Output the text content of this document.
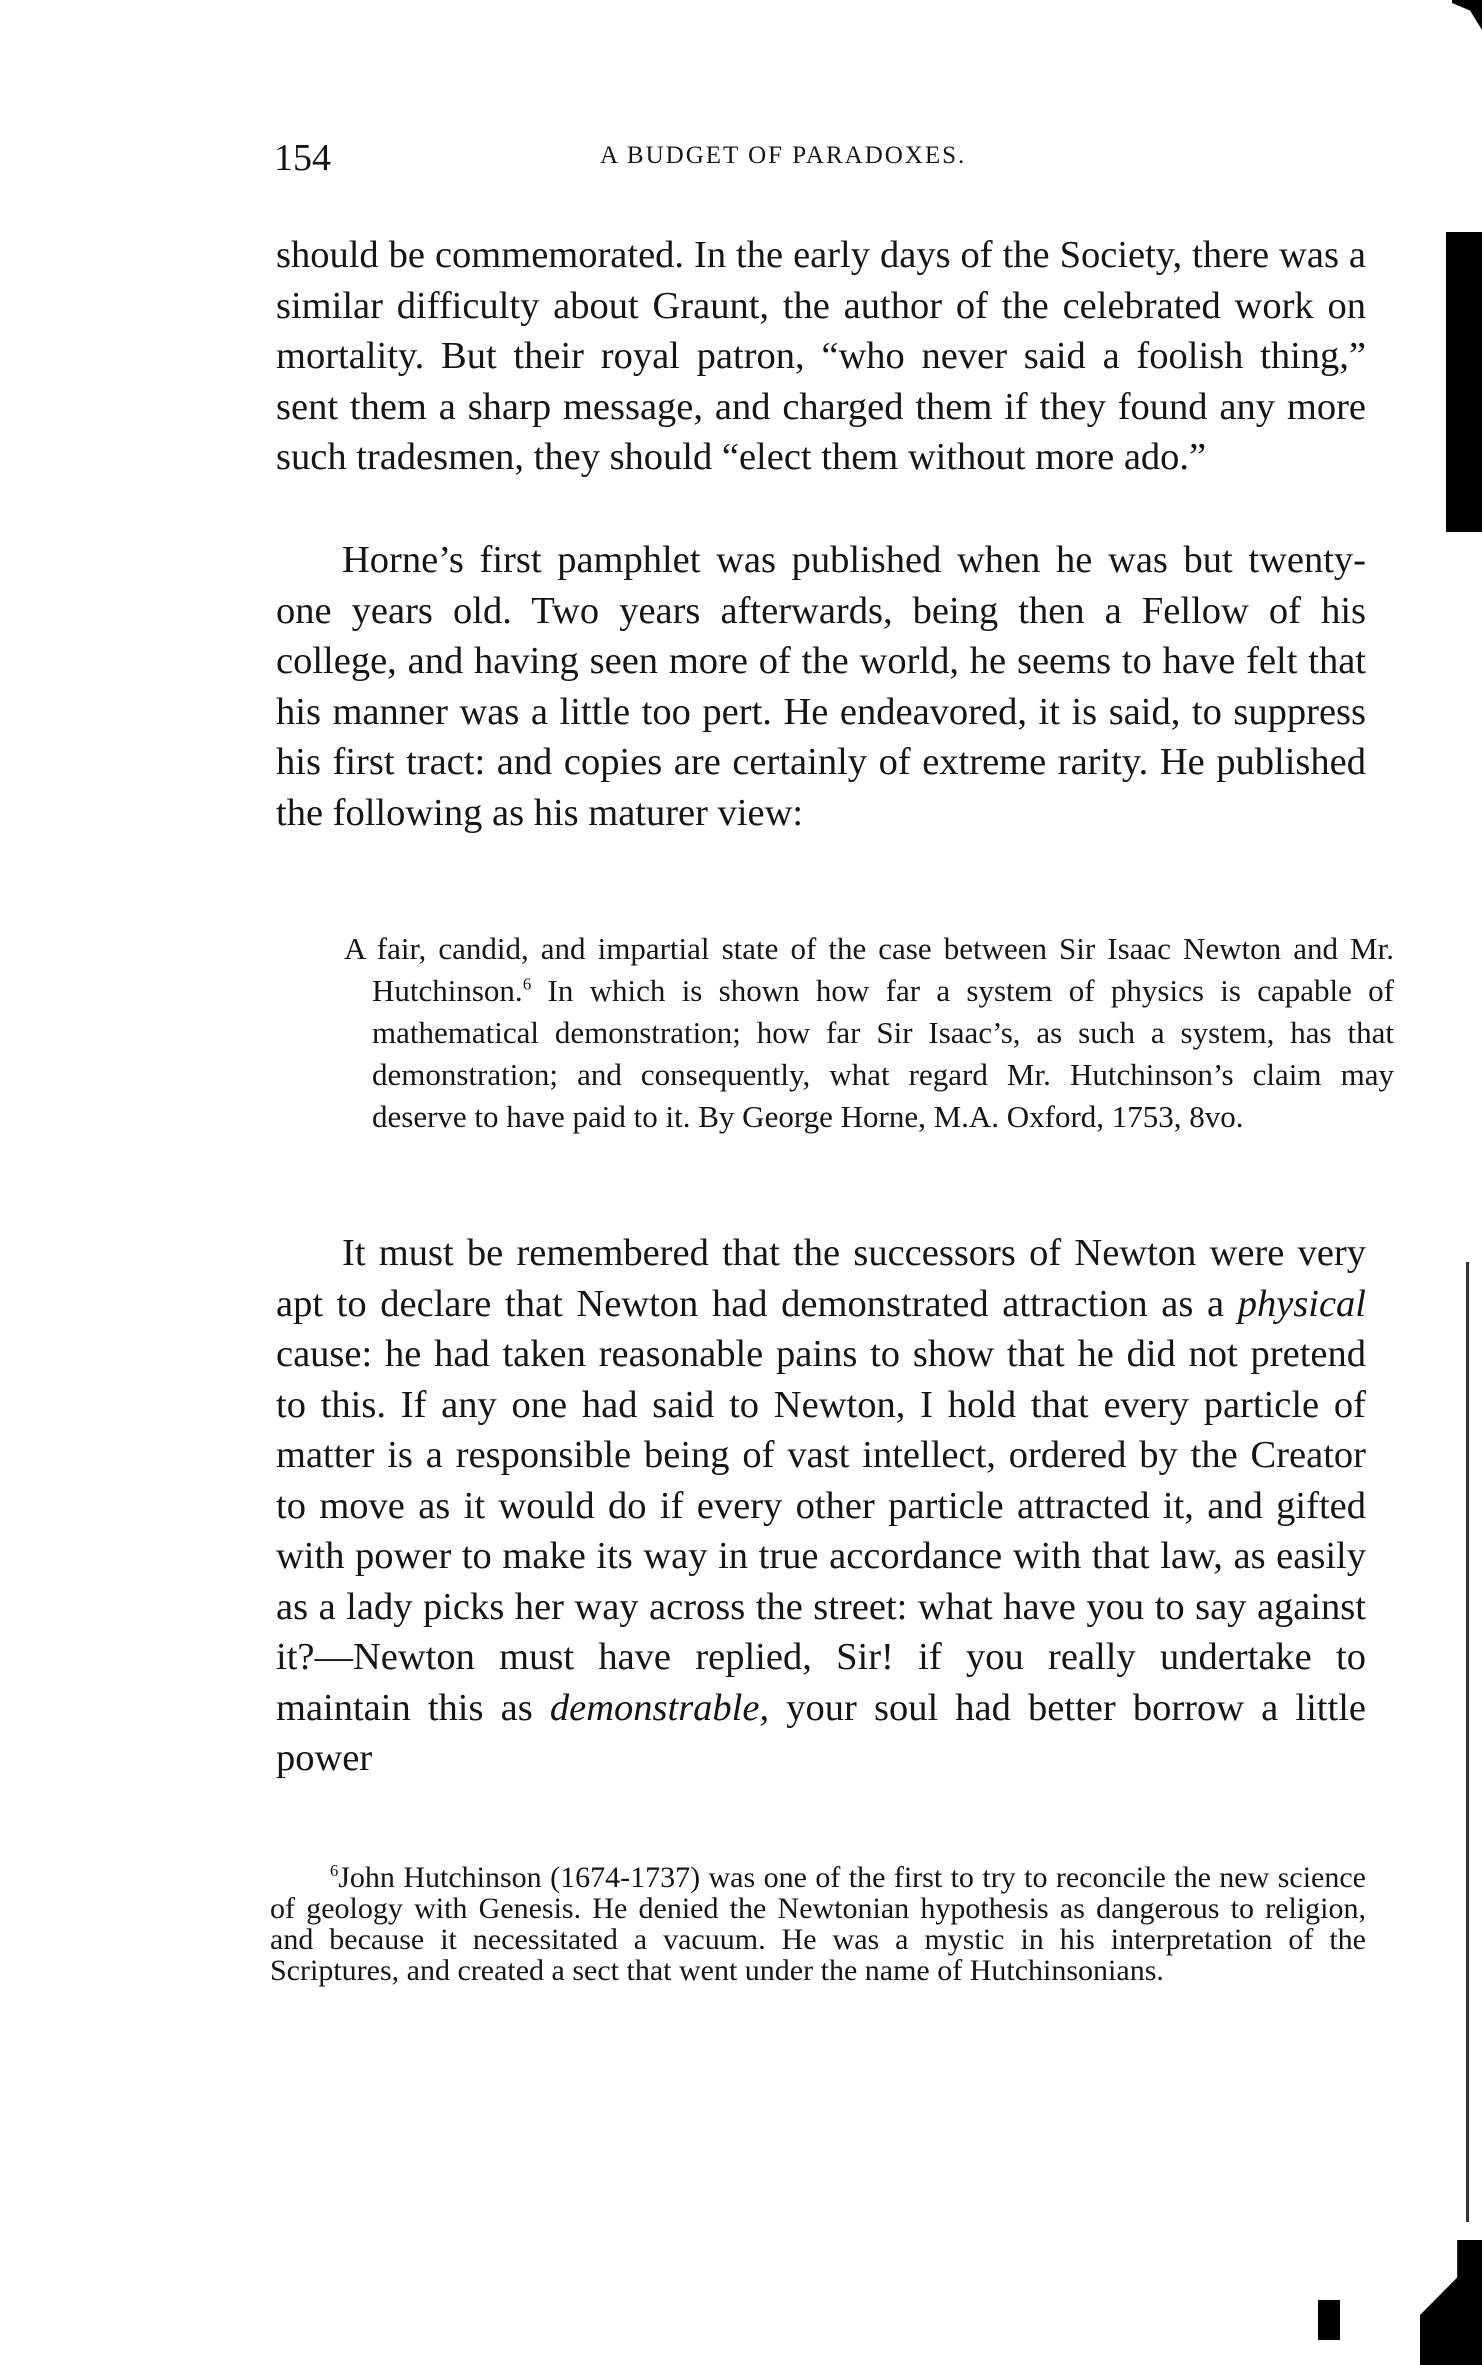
154	A BUDGET OF PARADOXES.

should be commemorated. In the early days of the Society, there was a similar difficulty about Graunt, the author of the celebrated work on mortality. But their royal patron, “who never said a foolish thing,” sent them a sharp message, and charged them if they found any more such tradesmen, they should “elect them without more ado.”

Horne’s first pamphlet was published when he was but twenty-one years old. Two years afterwards, being then a Fellow of his college, and having seen more of the world, he seems to have felt that his manner was a little too pert. He endeavored, it is said, to suppress his first tract: and copies are certainly of extreme rarity. He published the following as his maturer view:

A fair, candid, and impartial state of the case between Sir Isaac Newton and Mr. Hutchinson.$^6$ In which is shown how far a system of physics is capable of mathematical demonstration; how far Sir Isaac’s, as such a system, has that demonstration; and consequently, what regard Mr. Hutchinson’s claim may deserve to have paid to it. By George Horne, M.A. Oxford, 1753, 8vo.

It must be remembered that the successors of Newton were very apt to declare that Newton had demonstrated attraction as a physical cause: he had taken reasonable pains to show that he did not pretend to this. If any one had said to Newton, I hold that every particle of matter is a responsible being of vast intellect, ordered by the Creator to move as it would do if every other particle attracted it, and gifted with power to make its way in true accordance with that law, as easily as a lady picks her way across the street: what have you to say against it?—Newton must have replied, Sir! if you really undertake to maintain this as demonstrable, your soul had better borrow a little power

$^6$John Hutchinson (1674-1737) was one of the first to try to reconcile the new science of geology with Genesis. He denied the Newtonian hypothesis as dangerous to religion, and because it necessitated a vacuum. He was a mystic in his interpretation of the Scriptures, and created a sect that went under the name of Hutchinsonians.
